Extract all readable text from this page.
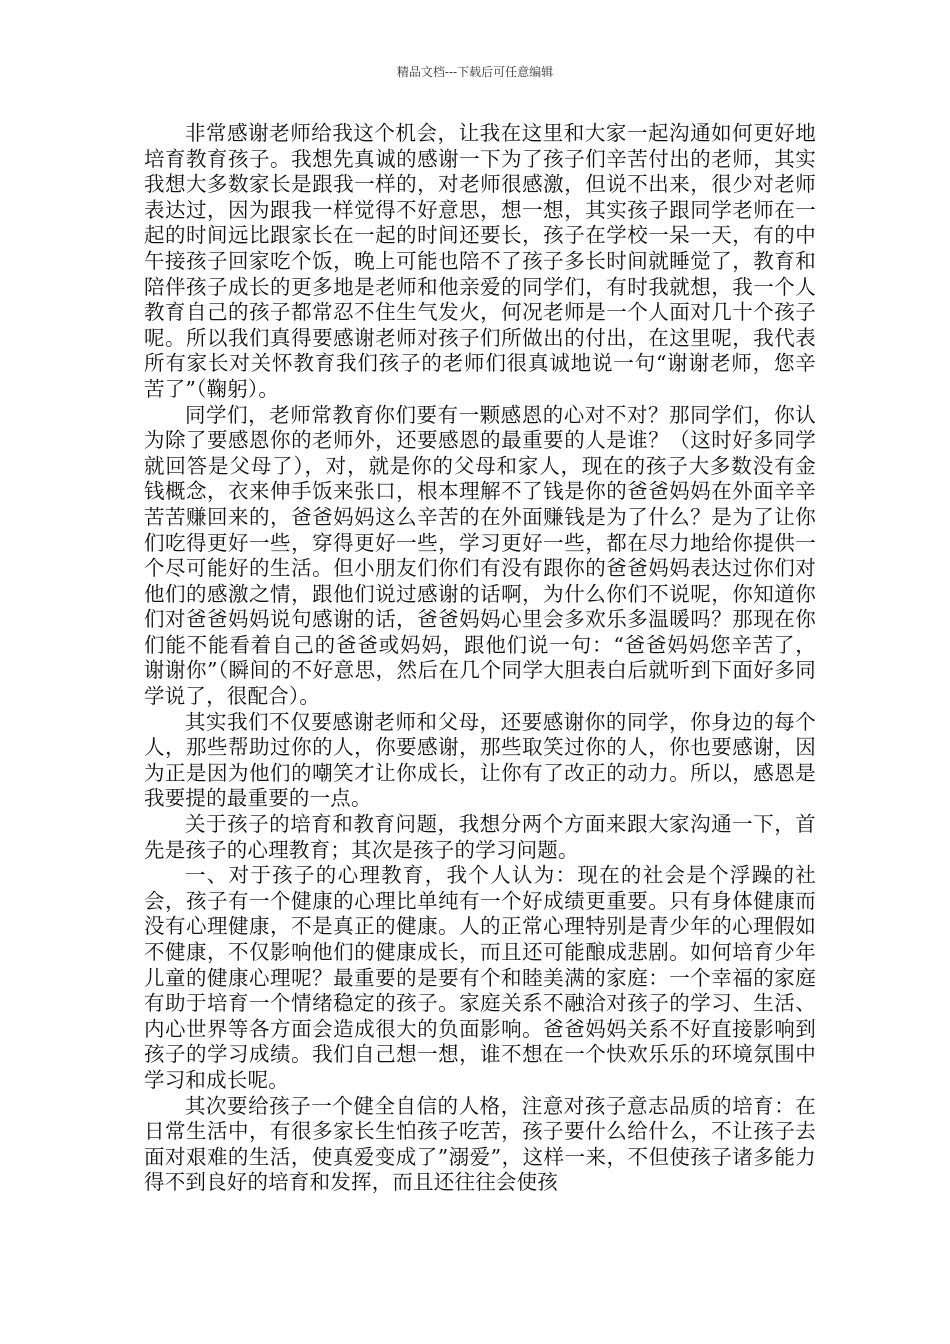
精品文档---下载后可任意编辑

非常感谢老师给我这个机会，让我在这里和大家一起沟通如何更好地培育教育孩子。我想先真诚的感谢一下为了孩子们辛苦付出的老师，其实我想大多数家长是跟我一样的，对老师很感激，但说不出来，很少对老师表达过，因为跟我一样觉得不好意思，想一想，其实孩子跟同学老师在一起的时间远比跟家长在一起的时间还要长，孩子在学校一呆一天，有的中午接孩子回家吃个饭，晚上可能也陪不了孩子多长时间就睡觉了，教育和陪伴孩子成长的更多地是老师和他亲爱的同学们，有时我就想，我一个人教育自己的孩子都常忍不住生气发火，何况老师是一个人面对几十个孩子呢。所以我们真得要感谢老师对孩子们所做出的付出，在这里呢，我代表所有家长对关怀教育我们孩子的老师们很真诚地说一句“谢谢老师，您辛苦了”（鞠躬）。

同学们，老师常教育你们要有一颗感恩的心对不对？那同学们，你认为除了要感恩你的老师外，还要感恩的最重要的人是谁？（这时好多同学就回答是父母了），对，就是你的父母和家人，现在的孩子大多数没有金钱概念，衣来伸手饭来张口，根本理解不了钱是你的爸爸妈妈在外面辛辛苦苦赚回来的，爸爸妈妈这么辛苦的在外面赚钱是为了什么？是为了让你们吃得更好一些，穿得更好一些，学习更好一些，都在尽力地给你提供一个尽可能好的生活。但小朋友们你们有没有跟你的爸爸妈妈表达过你们对他们的感激之情，跟他们说过感谢的话啊，为什么你们不说呢，你知道你们对爸爸妈妈说句感谢的话，爸爸妈妈心里会多欢乐多温暖吗？那现在你们能不能看着自己的爸爸或妈妈，跟他们说一句：“爸爸妈妈您辛苦了，谢谢你”（瞬间的不好意思，然后在几个同学大胆表白后就听到下面好多同学说了，很配合）。

其实我们不仅要感谢老师和父母，还要感谢你的同学，你身边的每个人，那些帮助过你的人，你要感谢，那些取笑过你的人，你也要感谢，因为正是因为他们的嘲笑才让你成长，让你有了改正的动力。所以，感恩是我要提的最重要的一点。

关于孩子的培育和教育问题，我想分两个方面来跟大家沟通一下，首先是孩子的心理教育；其次是孩子的学习问题。

一、对于孩子的心理教育，我个人认为：现在的社会是个浮躁的社会，孩子有一个健康的心理比单纯有一个好成绩更重要。只有身体健康而没有心理健康，不是真正的健康。人的正常心理特别是青少年的心理假如不健康，不仅影响他们的健康成长，而且还可能酿成悲剧。如何培育少年儿童的健康心理呢？最重要的是要有个和睦美满的家庭：一个幸福的家庭有助于培育一个情绪稳定的孩子。家庭关系不融洽对孩子的学习、生活、内心世界等各方面会造成很大的负面影响。爸爸妈妈关系不好直接影响到孩子的学习成绩。我们自己想一想，谁不想在一个快欢乐乐的环境氛围中学习和成长呢。

其次要给孩子一个健全自信的人格，注意对孩子意志品质的培育：在日常生活中，有很多家长生怕孩子吃苦，孩子要什么给什么，不让孩子去面对艰难的生活，使真爱变成了”溺爱”，这样一来，不但使孩子诸多能力得不到良好的培育和发挥，而且还往往会使孩
